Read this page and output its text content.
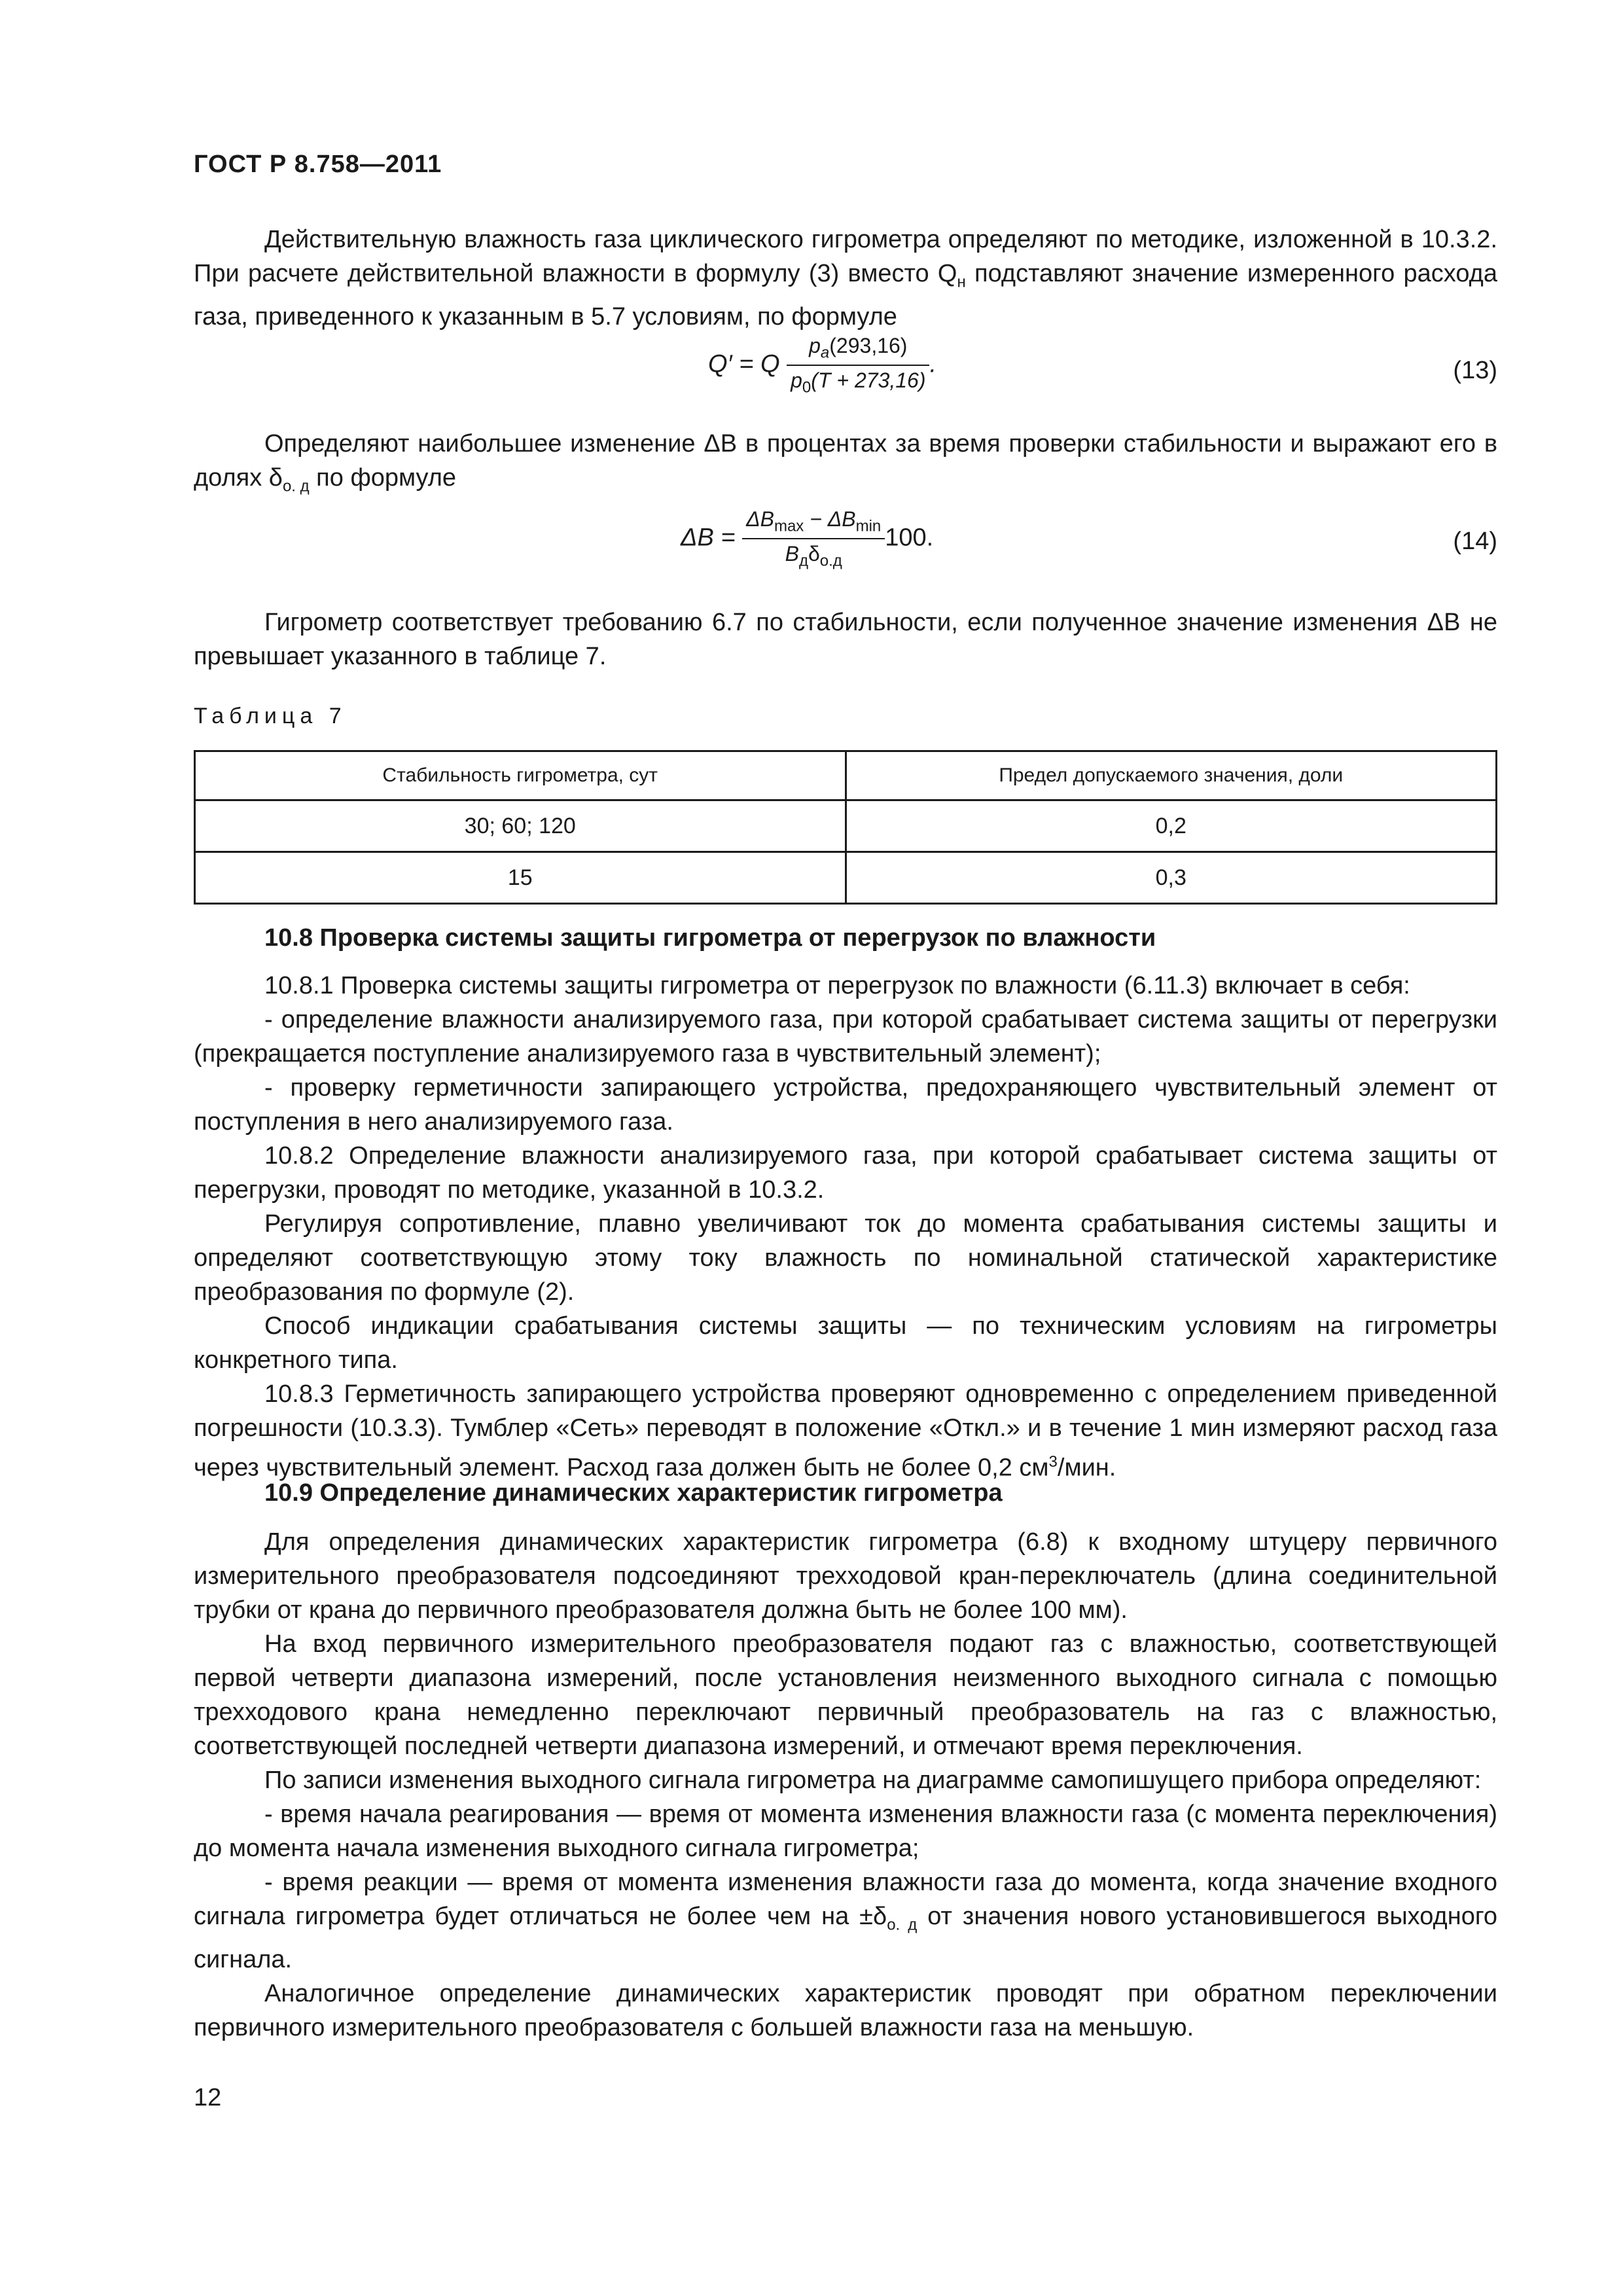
ГОСТ Р 8.758—2011

Действительную влажность газа циклического гигрометра определяют по методике, изложенной в 10.3.2. При расчете действительной влажности в формулу (3) вместо $Q_н$ подставляют значение измеренного расхода газа, приведенного к указанным в 5.7 условиям, по формуле

Q′ = Q $\frac{p_a(293,16)}{p_0(T + 273,16)}$ .	(13)

Определяют наибольшее изменение ΔB в процентах за время проверки стабильности и выражают его в долях $\delta_{о. д}$ по формуле

$\Delta B = \frac{\Delta B_{max} - \Delta B_{min}}{B_д\delta_{о.д}} 100$.	(14)

Гигрометр соответствует требованию 6.7 по стабильности, если полученное значение изменения ΔB не превышает указанного в таблице 7.

Таблица 7
Стабильность гигрометра, сут	Предел допускаемого значения, доли
30; 60; 120	0,2
15	0,3
10.8 Проверка системы защиты гигрометра от перегрузок по влажности

10.8.1 Проверка системы защиты гигрометра от перегрузок по влажности (6.11.3) включает в себя:

- определение влажности анализируемого газа, при которой срабатывает система защиты от перегрузки (прекращается поступление анализируемого газа в чувствительный элемент);

- проверку герметичности запирающего устройства, предохраняющего чувствительный элемент от поступления в него анализируемого газа.

10.8.2 Определение влажности анализируемого газа, при которой срабатывает система защиты от перегрузки, проводят по методике, указанной в 10.3.2.

Регулируя сопротивление, плавно увеличивают ток до момента срабатывания системы защиты и определяют соответствующую этому току влажность по номинальной статической характеристике преобразования по формуле (2).

Способ индикации срабатывания системы защиты — по техническим условиям на гигрометры конкретного типа.

10.8.3 Герметичность запирающего устройства проверяют одновременно с определением приведенной погрешности (10.3.3). Тумблер «Сеть» переводят в положение «Откл.» и в течение 1 мин измеряют расход газа через чувствительный элемент. Расход газа должен быть не более 0,2 $см^3$/мин.

10.9 Определение динамических характеристик гигрометра

Для определения динамических характеристик гигрометра (6.8) к входному штуцеру первичного измерительного преобразователя подсоединяют трехходовой кран-переключатель (длина соединительной трубки от крана до первичного преобразователя должна быть не более 100 мм).

На вход первичного измерительного преобразователя подают газ с влажностью, соответствующей первой четверти диапазона измерений, после установления неизменного выходного сигнала с помощью трехходового крана немедленно переключают первичный преобразователь на газ с влажностью, соответствующей последней четверти диапазона измерений, и отмечают время переключения.

По записи изменения выходного сигнала гигрометра на диаграмме самопишущего прибора определяют:

- время начала реагирования — время от момента изменения влажности газа (с момента переключения) до момента начала изменения выходного сигнала гигрометра;

- время реакции — время от момента изменения влажности газа до момента, когда значение входного сигнала гигрометра будет отличаться не более чем на $\pm\delta_{о. д}$ от значения нового установившегося выходного сигнала.

Аналогичное определение динамических характеристик проводят при обратном переключении первичного измерительного преобразователя с большей влажности газа на меньшую.

12
